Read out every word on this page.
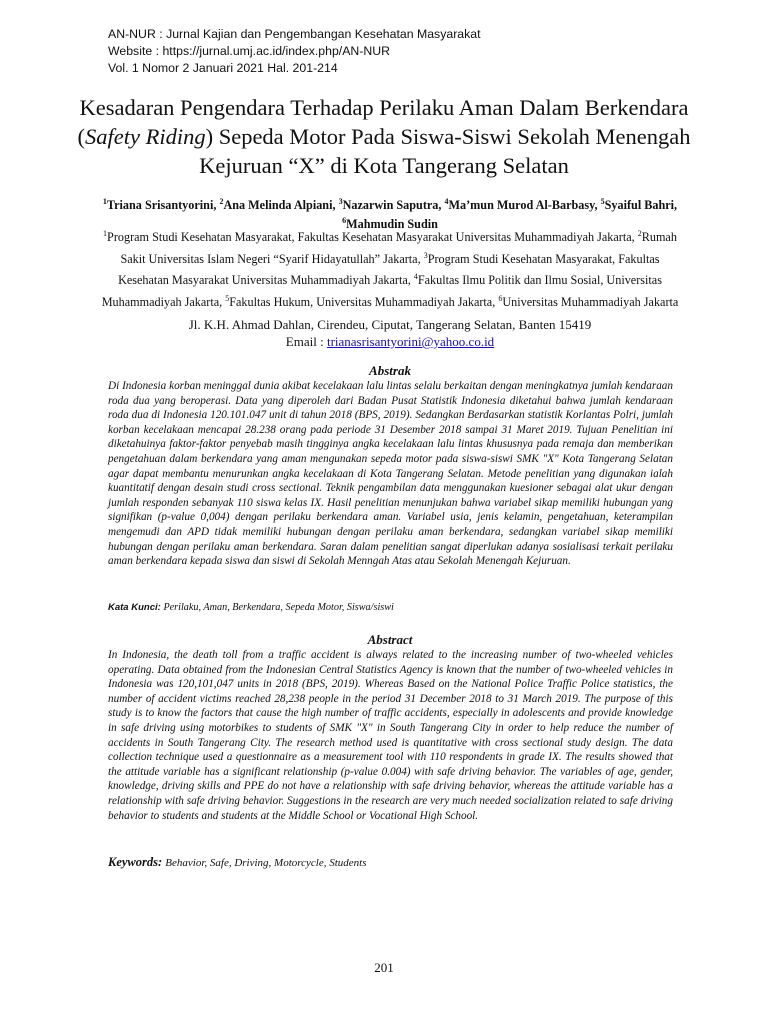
AN-NUR : Jurnal Kajian dan Pengembangan Kesehatan Masyarakat
Website : https://jurnal.umj.ac.id/index.php/AN-NUR
Vol. 1 Nomor 2 Januari 2021 Hal. 201-214
Kesadaran Pengendara Terhadap Perilaku Aman Dalam Berkendara (Safety Riding) Sepeda Motor Pada Siswa-Siswi Sekolah Menengah Kejuruan “X” di Kota Tangerang Selatan
$^1$Triana Srisantyorini, $^2$Ana Melinda Alpiani, $^3$Nazarwin Saputra, $^4$Ma’mun Murod Al-Barbasy, $^5$Syaiful Bahri, $^6$Mahmudin Sudin
$^1$Program Studi Kesehatan Masyarakat, Fakultas Kesehatan Masyarakat Universitas Muhammadiyah Jakarta, $^2$Rumah Sakit Universitas Islam Negeri “Syarif Hidayatullah” Jakarta, $^3$Program Studi Kesehatan Masyarakat, Fakultas Kesehatan Masyarakat Universitas Muhammadiyah Jakarta, $^4$Fakultas Ilmu Politik dan Ilmu Sosial, Universitas Muhammadiyah Jakarta, $^5$Fakultas Hukum, Universitas Muhammadiyah Jakarta, $^6$Universitas Muhammadiyah Jakarta
Jl. K.H. Ahmad Dahlan, Cirendeu, Ciputat, Tangerang Selatan, Banten 15419
Email : trianasrisantyorini@yahoo.co.id
Abstrak

Di Indonesia korban meninggal dunia akibat kecelakaan lalu lintas selalu berkaitan dengan meningkatnya jumlah kendaraan roda dua yang beroperasi. Data yang diperoleh dari Badan Pusat Statistik Indonesia diketahui bahwa jumlah kendaraan roda dua di Indonesia 120.101.047 unit di tahun 2018 (BPS, 2019). Sedangkan Berdasarkan statistik Korlantas Polri, jumlah korban kecelakaan mencapai 28.238 orang pada periode 31 Desember 2018 sampai 31 Maret 2019. Tujuan Penelitian ini diketahuinya faktor-faktor penyebab masih tingginya angka kecelakaan lalu lintas khususnya pada remaja dan memberikan pengetahuan dalam berkendara yang aman mengunakan sepeda motor pada siswa-siswi SMK "X" Kota Tangerang Selatan agar dapat membantu menurunkan angka kecelakaan di Kota Tangerang Selatan. Metode penelitian yang digunakan ialah kuantitatif dengan desain studi cross sectional. Teknik pengambilan data menggunakan kuesioner sebagai alat ukur dengan jumlah responden sebanyak 110 siswa kelas IX. Hasil penelitian menunjukan bahwa variabel sikap memiliki hubungan yang signifikan (p-value 0,004) dengan perilaku berkendara aman. Variabel usia, jenis kelamin, pengetahuan, keterampilan mengemudi dan APD tidak memiliki hubungan dengan perilaku aman berkendara, sedangkan variabel sikap memiliki hubungan dengan perilaku aman berkendara. Saran dalam penelitian sangat diperlukan adanya sosialisasi terkait perilaku aman berkendara kepada siswa dan siswi di Sekolah Menngah Atas atau Sekolah Menengah Kejuruan.

Kata Kunci: Perilaku, Aman, Berkendara, Sepeda Motor, Siswa/siswi
Abstract

In Indonesia, the death toll from a traffic accident is always related to the increasing number of two-wheeled vehicles operating. Data obtained from the Indonesian Central Statistics Agency is known that the number of two-wheeled vehicles in Indonesia was 120,101,047 units in 2018 (BPS, 2019). Whereas Based on the National Police Traffic Police statistics, the number of accident victims reached 28,238 people in the period 31 December 2018 to 31 March 2019. The purpose of this study is to know the factors that cause the high number of traffic accidents, especially in adolescents and provide knowledge in safe driving using motorbikes to students of SMK "X" in South Tangerang City in order to help reduce the number of accidents in South Tangerang City. The research method used is quantitative with cross sectional study design. The data collection technique used a questionnaire as a measurement tool with 110 respondents in grade IX. The results showed that the attitude variable has a significant relationship (p-value 0.004) with safe driving behavior. The variables of age, gender, knowledge, driving skills and PPE do not have a relationship with safe driving behavior, whereas the attitude variable has a relationship with safe driving behavior. Suggestions in the research are very much needed socialization related to safe driving behavior to students and students at the Middle School or Vocational High School.

Keywords: Behavior, Safe, Driving, Motorcycle, Students
201
